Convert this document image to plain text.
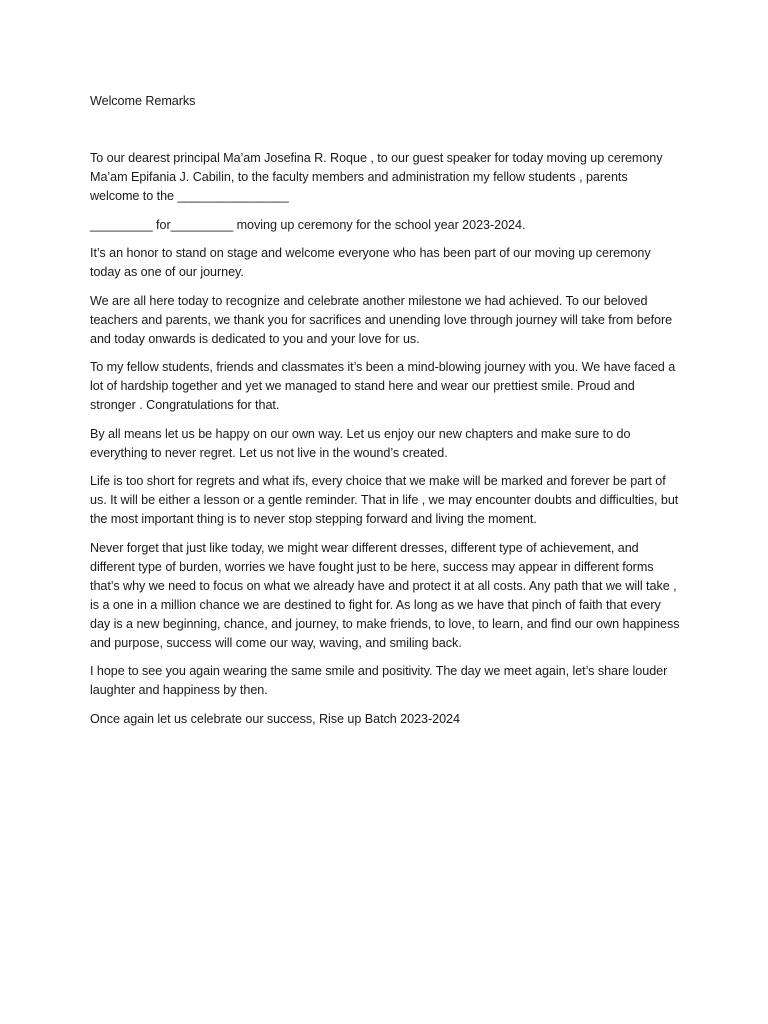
Welcome Remarks

To our dearest principal Ma’am Josefina R. Roque , to our guest speaker for today moving up ceremony Ma’am Epifania J. Cabilin, to the faculty members and administration my fellow students , parents welcome to the ________________

_________ for_________ moving up ceremony for the school year 2023-2024.

It’s an honor to stand on stage and welcome everyone who has been part of our moving up ceremony today as one of our journey.

We are all here today to recognize and celebrate another milestone we had achieved. To our beloved teachers and parents, we thank you for sacrifices and unending love through journey will take from before and today onwards is dedicated to you and your love for us.

To my fellow students, friends and classmates it’s been a mind-blowing journey with you. We have faced a lot of hardship together and yet we managed to stand here and wear our prettiest smile. Proud and stronger . Congratulations for that.

By all means let us be happy on our own way. Let us enjoy our new chapters and make sure to do everything to never regret. Let us not live in the wound’s created.

Life is too short for regrets and what ifs, every choice that we make will be marked and forever be part of us. It will be either a lesson or a gentle reminder. That in life , we may encounter doubts and difficulties, but the most important thing is to never stop stepping forward and living the moment.

Never forget that just like today, we might wear different dresses, different type of achievement, and different type of burden, worries we have fought just to be here, success may appear in different forms that’s why we need to focus on what we already have and protect it at all costs. Any path that we will take , is a one in a million chance we are destined to fight for. As long as we have that pinch of faith that every day is a new beginning, chance, and journey, to make friends, to love, to learn, and find our own happiness and purpose, success will come our way, waving, and smiling back.

I hope to see you again wearing the same smile and positivity. The day we meet again, let’s share louder laughter and happiness by then.

Once again let us celebrate our success, Rise up Batch 2023-2024
